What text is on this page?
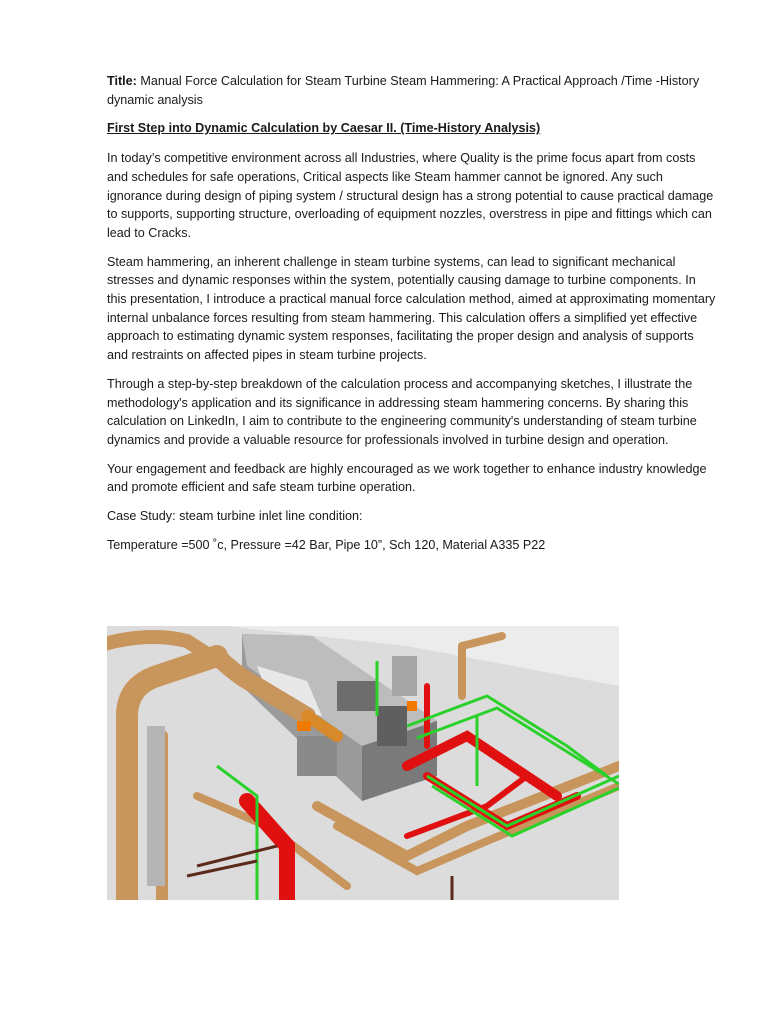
Title: Manual Force Calculation for Steam Turbine Steam Hammering: A Practical Approach /Time -History dynamic analysis

First Step into Dynamic Calculation by Caesar II. (Time-History Analysis)

In today’s competitive environment across all Industries, where Quality is the prime focus apart from costs and schedules for safe operations, Critical aspects like Steam hammer cannot be ignored. Any such ignorance during design of piping system / structural design has a strong potential to cause practical damage to supports, supporting structure, overloading of equipment nozzles, overstress in pipe and fittings which can lead to Cracks.

Steam hammering, an inherent challenge in steam turbine systems, can lead to significant mechanical stresses and dynamic responses within the system, potentially causing damage to turbine components. In this presentation, I introduce a practical manual force calculation method, aimed at approximating momentary internal unbalance forces resulting from steam hammering. This calculation offers a simplified yet effective approach to estimating dynamic system responses, facilitating the proper design and analysis of supports and restraints on affected pipes in steam turbine projects.

Through a step-by-step breakdown of the calculation process and accompanying sketches, I illustrate the methodology's application and its significance in addressing steam hammering concerns. By sharing this calculation on LinkedIn, I aim to contribute to the engineering community's understanding of steam turbine dynamics and provide a valuable resource for professionals involved in turbine design and operation.

Your engagement and feedback are highly encouraged as we work together to enhance industry knowledge and promote efficient and safe steam turbine operation.

Case Study: steam turbine inlet line condition:

Temperature =500 ˚c, Pressure =42 Bar, Pipe 10”, Sch 120, Material A335 P22
